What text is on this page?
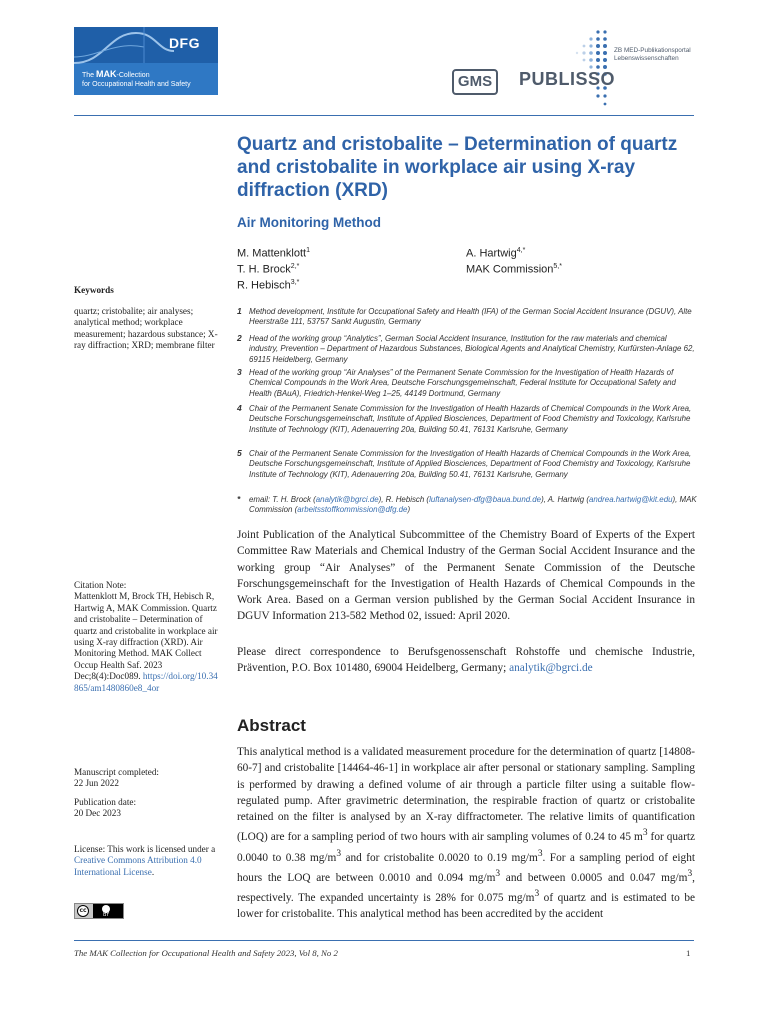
DFG
The MAK-Collection
for Occupational Health and Safety
ZB MED-Publikationsportal
Lebenswissenschaften
GMS	PUBLISSO
Quartz and cristobalite – Determination of quartz and cristobalite in workplace air using X-ray diffraction (XRD)
Air Monitoring Method
M. Mattenklott$^1$
T. H. Brock$^{2,*}$
R. Hebisch$^{3,*}$
A. Hartwig$^{4,*}$
MAK Commission$^{5,*}$
Keywords
quartz; cristobalite; air analyses; analytical method; workplace measurement; hazardous substance; X-ray diffraction; XRD; membrane filter
Citation Note:
Mattenklott M, Brock TH, Hebisch R, Hartwig A, MAK Commission. Quartz and cristobalite – Determination of quartz and cristobalite in workplace air using X-ray diffraction (XRD). Air Monitoring Method. MAK Collect Occup Health Saf. 2023 Dec;8(4):Doc089. https://doi.org/10.34865/am1480860e8_4or
Manuscript completed:
22 Jun 2022
Publication date:
20 Dec 2023
License: This work is licensed under a Creative Commons Attribution 4.0 International License.
cc
BY
1 Method development, Institute for Occupational Safety and Health (IFA) of the German Social Accident Insurance (DGUV), Alte Heerstraße 111, 53757 Sankt Augustin, Germany
2 Head of the working group “Analytics”, German Social Accident Insurance, Institution for the raw materials and chemical industry, Prevention – Department of Hazardous Substances, Biological Agents and Analytical Chemistry, Kurfürsten-Anlage 62, 69115 Heidelberg, Germany
3 Head of the working group “Air Analyses” of the Permanent Senate Commission for the Investigation of Health Hazards of Chemical Compounds in the Work Area, Deutsche Forschungsgemeinschaft, Federal Institute for Occupational Safety and Health (BAuA), Friedrich-Henkel-Weg 1–25, 44149 Dortmund, Germany
4 Chair of the Permanent Senate Commission for the Investigation of Health Hazards of Chemical Compounds in the Work Area, Deutsche Forschungsgemeinschaft, Institute of Applied Biosciences, Department of Food Chemistry and Toxicology, Karlsruhe Institute of Technology (KIT), Adenauerring 20a, Building 50.41, 76131 Karlsruhe, Germany
5 Chair of the Permanent Senate Commission for the Investigation of Health Hazards of Chemical Compounds in the Work Area, Deutsche Forschungsgemeinschaft, Institute of Applied Biosciences, Department of Food Chemistry and Toxicology, Karlsruhe Institute of Technology (KIT), Adenauerring 20a, Building 50.41, 76131 Karlsruhe, Germany
* email: T. H. Brock (analytik@bgrci.de), R. Hebisch (luftanalysen-dfg@baua.bund.de), A. Hartwig (andrea.hartwig@kit.edu), MAK Commission (arbeitsstoffkommission@dfg.de)

Joint Publication of the Analytical Subcommittee of the Chemistry Board of Experts of the Expert Committee Raw Materials and Chemical Industry of the German Social Accident Insurance and the working group “Air Analyses” of the Permanent Senate Commission of the Deutsche Forschungsgemeinschaft for the Investigation of Health Hazards of Chemical Compounds in the Work Area. Based on a German version published by the German Social Accident Insurance in DGUV Information 213-582 Method 02, issued: April 2020.

Please direct correspondence to Berufsgenossenschaft Rohstoffe und chemische Industrie, Prävention, P.O. Box 101480, 69004 Heidelberg, Germany; analytik@bgrci.de

Abstract

This analytical method is a validated measurement procedure for the determination of quartz [14808-60-7] and cristobalite [14464-46-1] in workplace air after personal or stationary sampling. Sampling is performed by drawing a defined volume of air through a particle filter using a suitable flow-regulated pump. After gravimetric determination, the respirable fraction of quartz or cristobalite retained on the filter is analysed by an X-ray diffractometer. The relative limits of quantification (LOQ) are for a sampling period of two hours with air sampling volumes of 0.24 to 45 $m^3$ for quartz 0.0040 to 0.38 $mg/m^3$ and for cristobalite 0.0020 to 0.19 $mg/m^3$. For a sampling period of eight hours the LOQ are between 0.0010 and 0.094 $mg/m^3$ and between 0.0005 and 0.047 $mg/m^3$, respectively. The expanded uncertainty is 28% for 0.075 $mg/m^3$ of quartz and is estimated to be lower for cristobalite. This analytical method has been accredited by the accident

The MAK Collection for Occupational Health and Safety 2023, Vol 8, No 2	1
